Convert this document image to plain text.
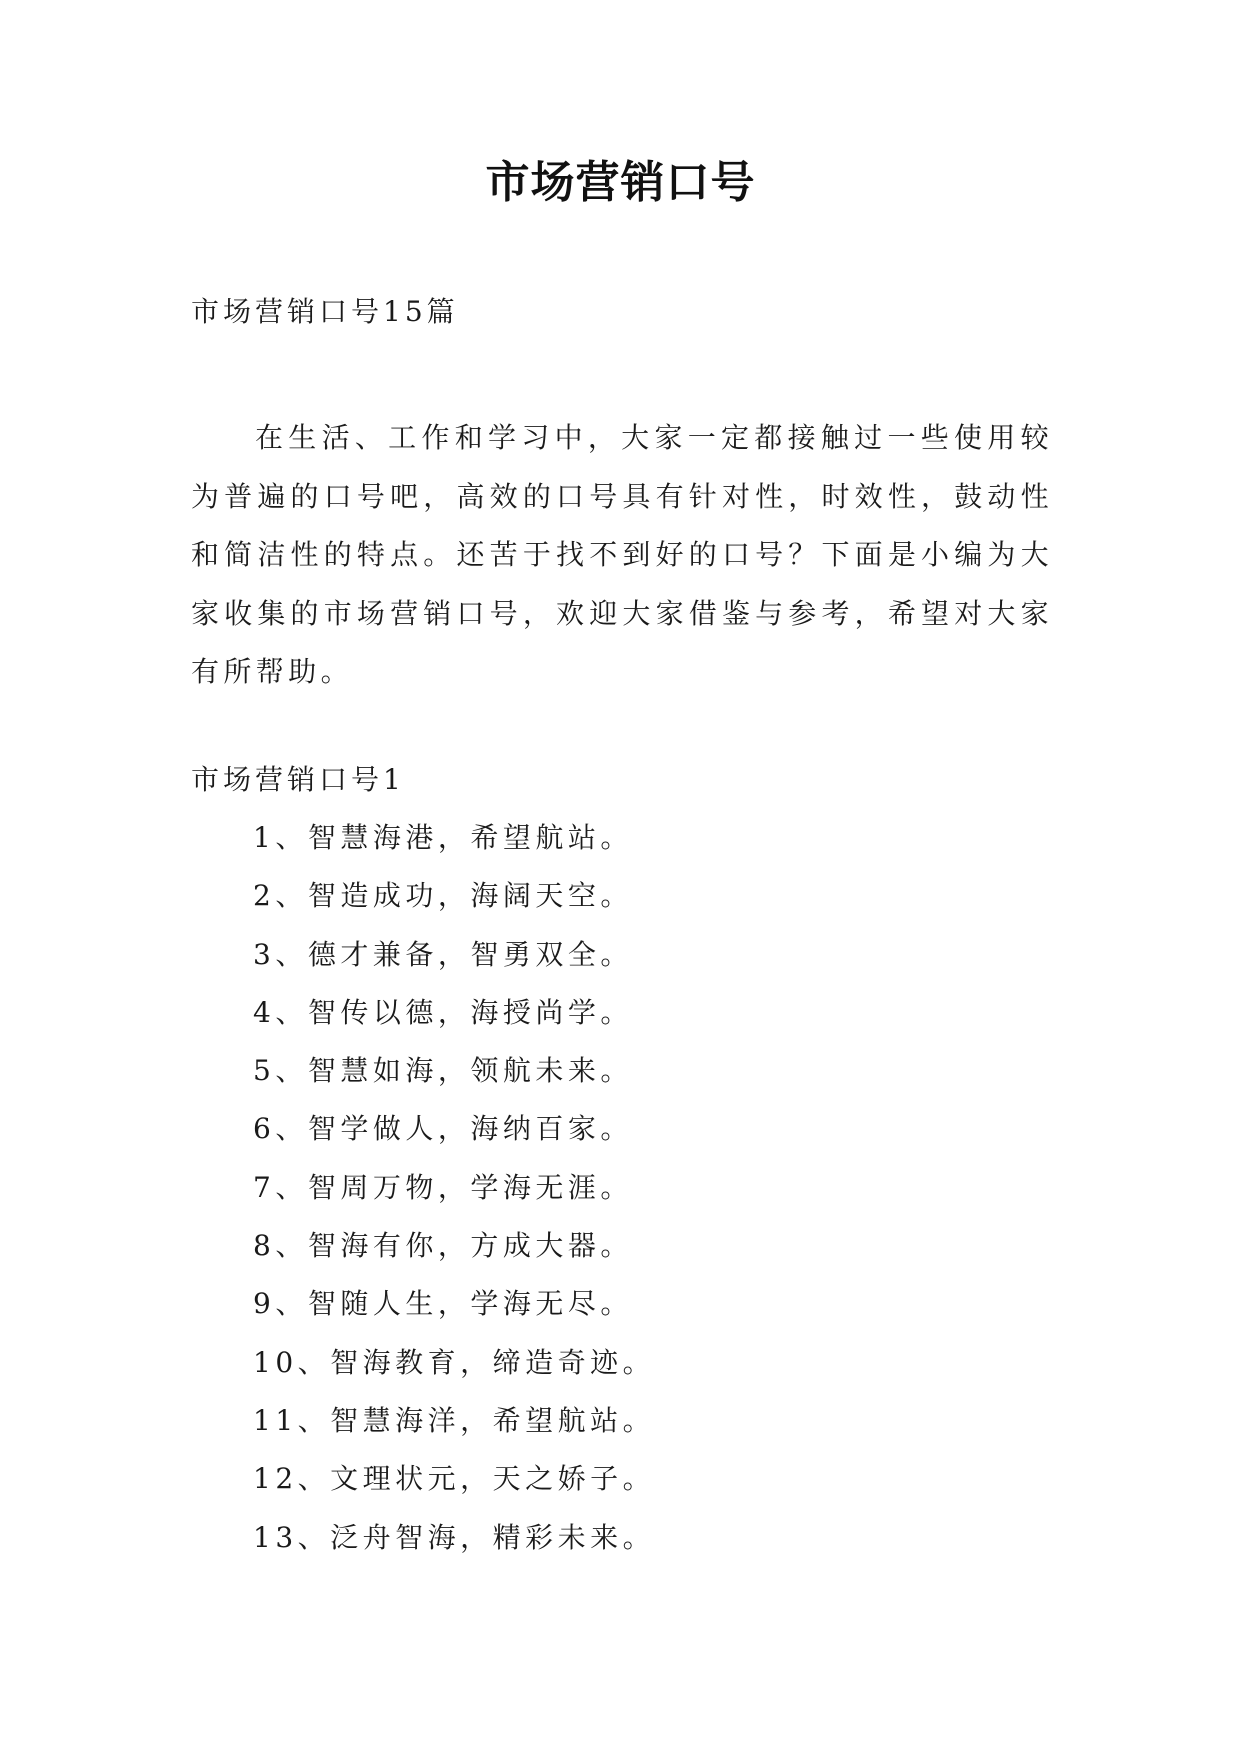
市场营销口号
市场营销口号15篇

在生活、工作和学习中，大家一定都接触过一些使用较为普遍的口号吧，高效的口号具有针对性，时效性，鼓动性和简洁性的特点。还苦于找不到好的口号？下面是小编为大家收集的市场营销口号，欢迎大家借鉴与参考，希望对大家有所帮助。

市场营销口号1
1、智慧海港，希望航站。
2、智造成功，海阔天空。
3、德才兼备，智勇双全。
4、智传以德，海授尚学。
5、智慧如海，领航未来。
6、智学做人，海纳百家。
7、智周万物，学海无涯。
8、智海有你，方成大器。
9、智随人生，学海无尽。
10、智海教育，缔造奇迹。
11、智慧海洋，希望航站。
12、文理状元，天之娇子。
13、泛舟智海，精彩未来。
